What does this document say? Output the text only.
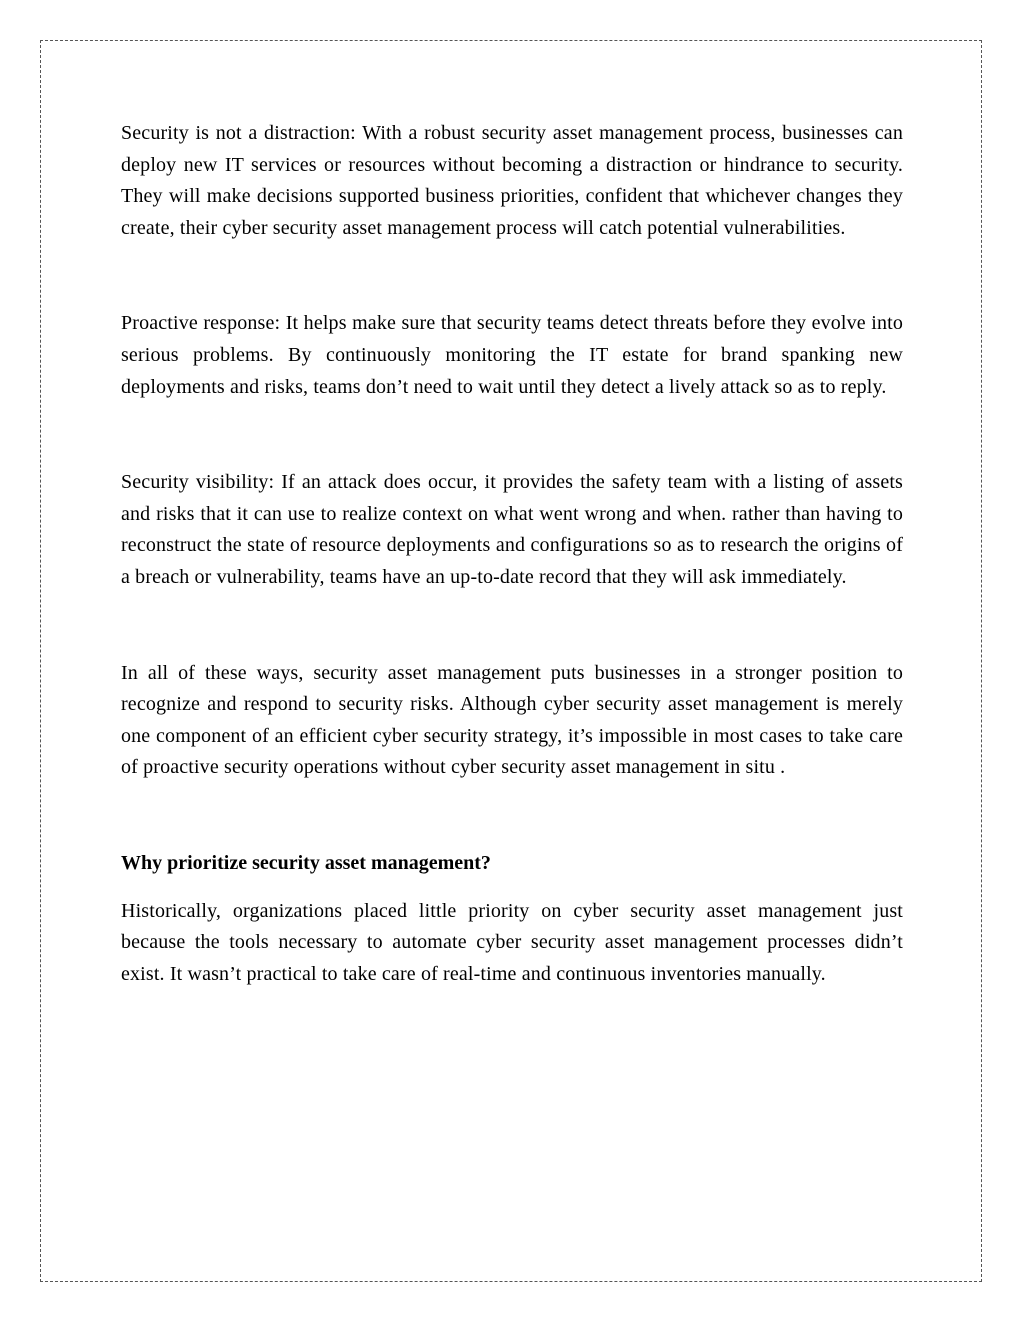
Security is not a distraction: With a robust security asset management process, businesses can deploy new IT services or resources without becoming a distraction or hindrance to security. They will make decisions supported business priorities, confident that whichever changes they create, their cyber security asset management process will catch potential vulnerabilities.

Proactive response: It helps make sure that security teams detect threats before they evolve into serious problems. By continuously monitoring the IT estate for brand spanking new deployments and risks, teams don’t need to wait until they detect a lively attack so as to reply.

Security visibility: If an attack does occur, it provides the safety team with a listing of assets and risks that it can use to realize context on what went wrong and when. rather than having to reconstruct the state of resource deployments and configurations so as to research the origins of a breach or vulnerability, teams have an up-to-date record that they will ask immediately.

In all of these ways, security asset management puts businesses in a stronger position to recognize and respond to security risks. Although cyber security asset management is merely one component of an efficient cyber security strategy, it’s impossible in most cases to take care of proactive security operations without cyber security asset management in situ .

Why prioritize security asset management?

Historically, organizations placed little priority on cyber security asset management just because the tools necessary to automate cyber security asset management processes didn’t exist. It wasn’t practical to take care of real-time and continuous inventories manually.
